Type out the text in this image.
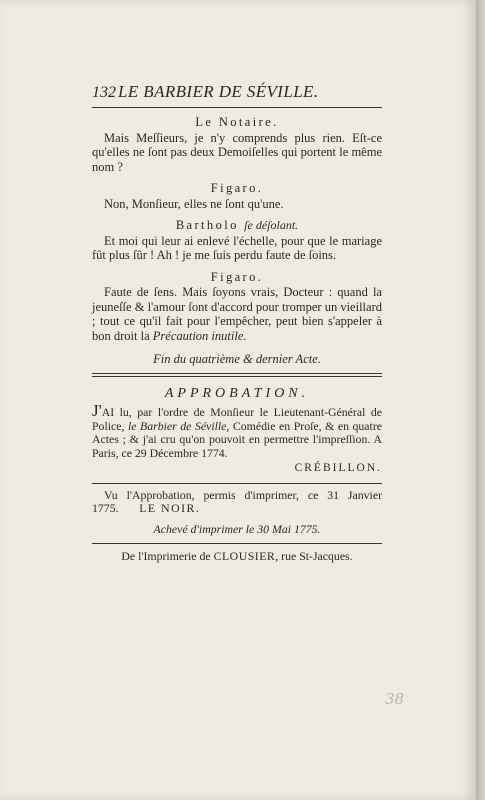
132 LE BARBIER DE SÉVILLE.
Le Notaire.
Mais Meſſieurs, je n'y comprends plus rien. Eſt-ce qu'elles ne ſont pas deux Demoiſelles qui portent le même nom ?
Figaro.
Non, Monſieur, elles ne ſont qu'une.
Bartholo ſe déſolant.
Et moi qui leur ai enlevé l'échelle, pour que le mariage fût plus ſûr ! Ah ! je me ſuis perdu faute de ſoins.
Figaro.
Faute de ſens. Mais ſoyons vrais, Docteur : quand la jeuneſſe & l'amour ſont d'accord pour tromper un vieillard ; tout ce qu'il fait pour l'empêcher, peut bien s'appeler à bon droit la Précaution inutile.
Fin du quatrième & dernier Acte.
APPROBATION.
J'AI lu, par l'ordre de Monſieur le Lieutenant-Général de Police, le Barbier de Séville, Comédie en Proſe, & en quatre Actes ; & j'ai cru qu'on pouvoit en permettre l'impreſſion. A Paris, ce 29 Décembre 1774.
CRÉBILLON.
Vu l'Approbation, permis d'imprimer, ce 31 Janvier 1775. LE NOIR.
Achevé d'imprimer le 30 Mai 1775.
De l'Imprimerie de CLOUSIER, rue St-Jacques.
38
